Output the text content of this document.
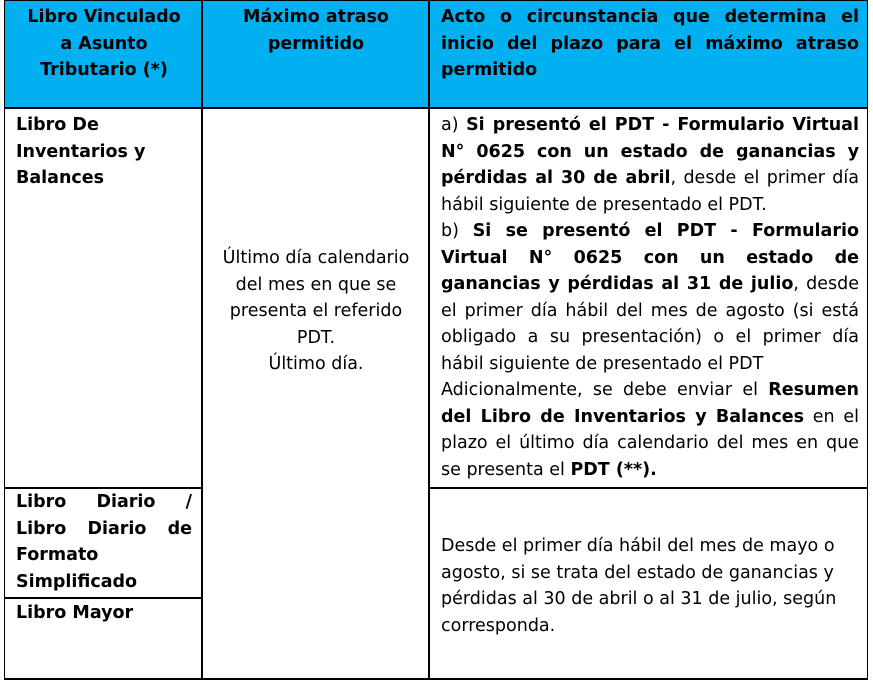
Libro Vinculado a Asunto Tributario (*)
Máximo atraso permitido
Acto o circunstancia que determina el inicio del plazo para el máximo atraso permitido
Libro De Inventarios y Balances
Libro Diario / Libro Diario de Formato Simplificado
Libro Mayor
Último día calendario del mes en que se presenta el referido PDT.
Último día.
a) Si presentó el PDT - Formulario Virtual N° 0625 con un estado de ganancias y pérdidas al 30 de abril, desde el primer día hábil siguiente de presentado el PDT.
b) Si se presentó el PDT - Formulario Virtual N° 0625 con un estado de ganancias y pérdidas al 31 de julio, desde el primer día hábil del mes de agosto (si está obligado a su presentación) o el primer día hábil siguiente de presentado el PDT
Adicionalmente, se debe enviar el Resumen del Libro de Inventarios y Balances en el plazo el último día calendario del mes en que se presenta el PDT (**).
Desde el primer día hábil del mes de mayo o agosto, si se trata del estado de ganancias y pérdidas al 30 de abril o al 31 de julio, según corresponda.
